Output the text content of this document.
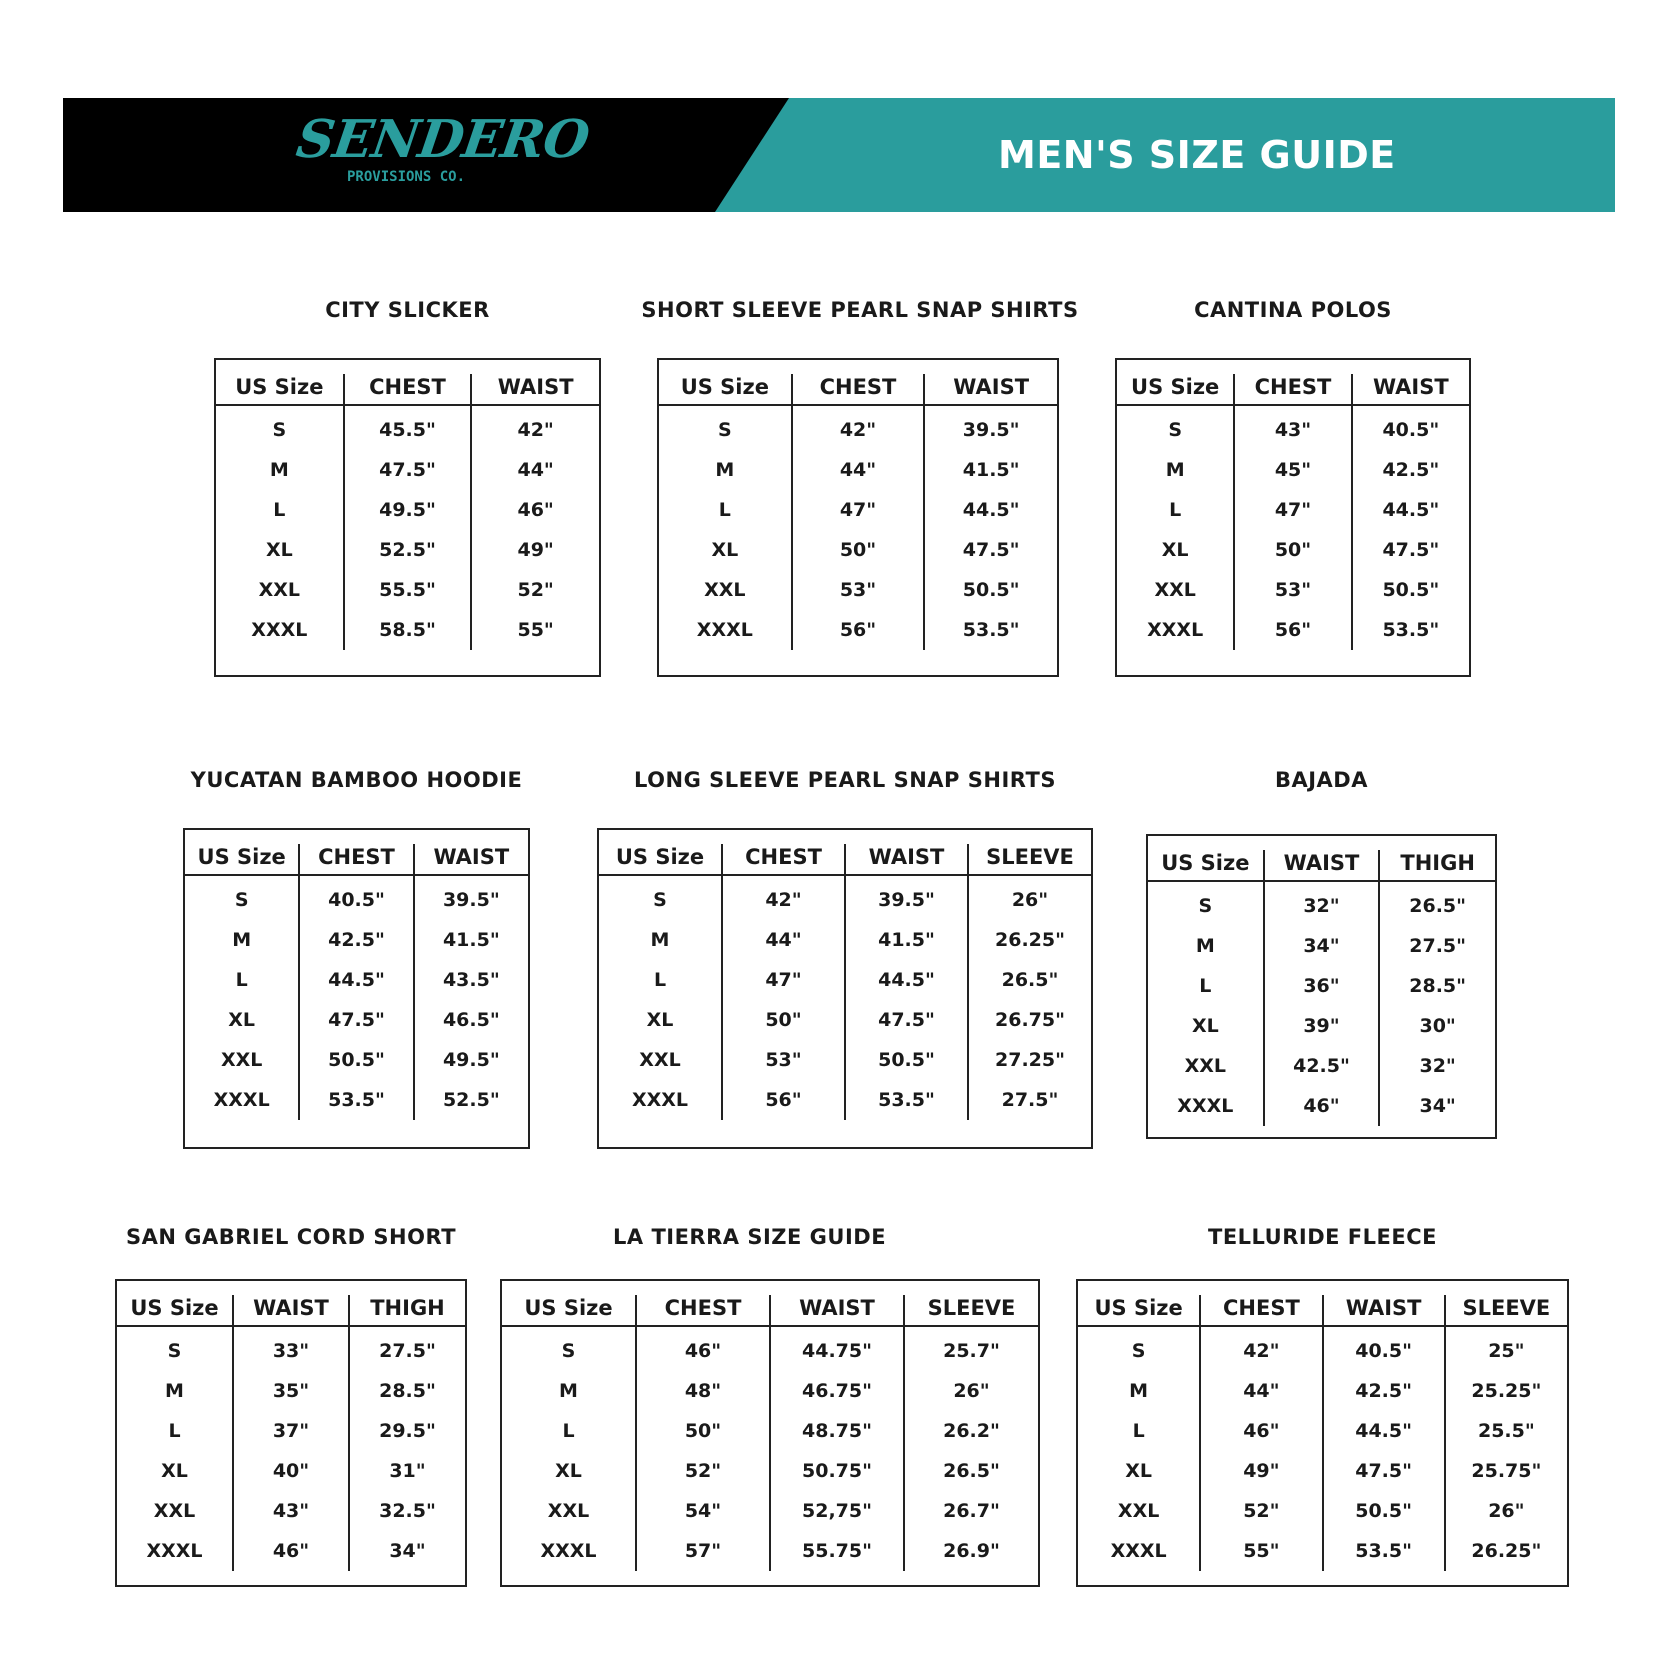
SENDERO
PROVISIONS CO.	MEN'S SIZE GUIDE
CITY SLICKER
US Size	CHEST	WAIST
S	45.5"	42"
M	47.5"	44"
L	49.5"	46"
XL	52.5"	49"
XXL	55.5"	52"
XXXL	58.5"	55"
SHORT SLEEVE PEARL SNAP SHIRTS
US Size	CHEST	WAIST
S	42"	39.5"
M	44"	41.5"
L	47"	44.5"
XL	50"	47.5"
XXL	53"	50.5"
XXXL	56"	53.5"
CANTINA POLOS
US Size	CHEST	WAIST
S	43"	40.5"
M	45"	42.5"
L	47"	44.5"
XL	50"	47.5"
XXL	53"	50.5"
XXXL	56"	53.5"
YUCATAN BAMBOO HOODIE
US Size	CHEST	WAIST
S	40.5"	39.5"
M	42.5"	41.5"
L	44.5"	43.5"
XL	47.5"	46.5"
XXL	50.5"	49.5"
XXXL	53.5"	52.5"
LONG SLEEVE PEARL SNAP SHIRTS
US Size	CHEST	WAIST	SLEEVE
S	42"	39.5"	26"
M	44"	41.5"	26.25"
L	47"	44.5"	26.5"
XL	50"	47.5"	26.75"
XXL	53"	50.5"	27.25"
XXXL	56"	53.5"	27.5"
BAJADA
US Size	WAIST	THIGH
S	32"	26.5"
M	34"	27.5"
L	36"	28.5"
XL	39"	30"
XXL	42.5"	32"
XXXL	46"	34"
SAN GABRIEL CORD SHORT
US Size	WAIST	THIGH
S	33"	27.5"
M	35"	28.5"
L	37"	29.5"
XL	40"	31"
XXL	43"	32.5"
XXXL	46"	34"
LA TIERRA SIZE GUIDE
US Size	CHEST	WAIST	SLEEVE
S	46"	44.75"	25.7"
M	48"	46.75"	26"
L	50"	48.75"	26.2"
XL	52"	50.75"	26.5"
XXL	54"	52,75"	26.7"
XXXL	57"	55.75"	26.9"
TELLURIDE FLEECE
US Size	CHEST	WAIST	SLEEVE
S	42"	40.5"	25"
M	44"	42.5"	25.25"
L	46"	44.5"	25.5"
XL	49"	47.5"	25.75"
XXL	52"	50.5"	26"
XXXL	55"	53.5"	26.25"
